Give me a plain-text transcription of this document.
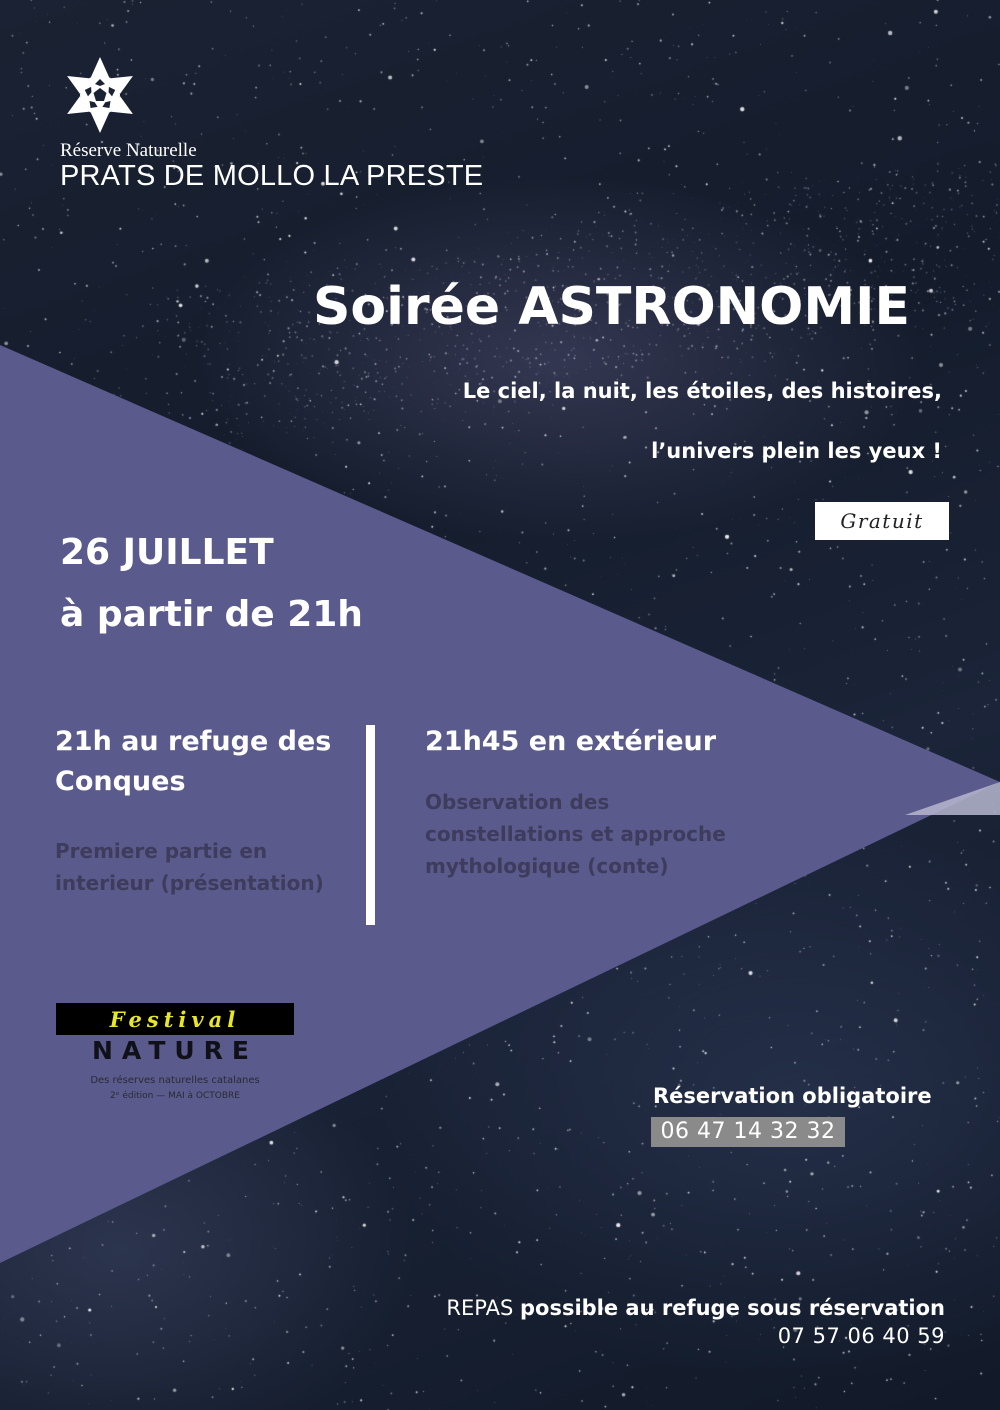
Réserve Naturelle
PRATS DE MOLLO LA PRESTE
Soirée ASTRONOMIE
Le ciel, la nuit, les étoiles, des histoires,
l’univers plein les yeux !
Gratuit
26 JUILLET
à partir de 21h
21h au refuge des Conques
Premiere partie en interieur (présentation)
21h45 en extérieur
Observation des constellations et approche mythologique (conte)
Festival
NATURE
Des réserves naturelles catalanes
2ᵉ édition — MAI à OCTOBRE	Réservation obligatoire
06 47 14 32 32
REPAS possible au refuge sous réservation
07 57 06 40 59
